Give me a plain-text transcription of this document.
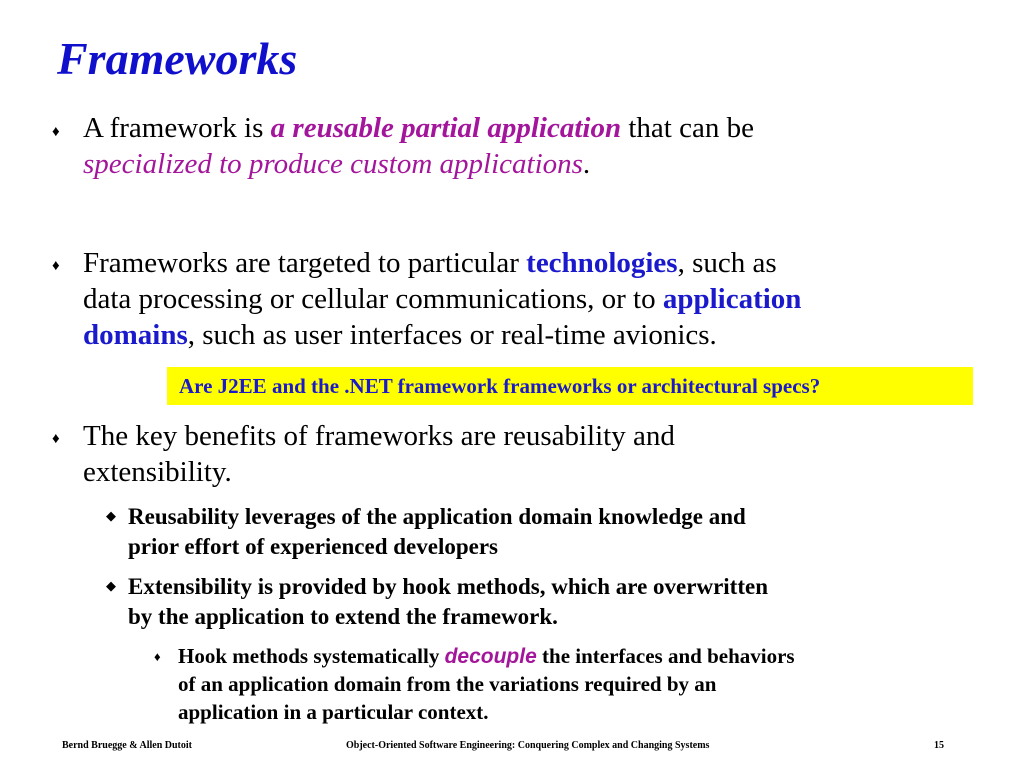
Frameworks
♦ A framework is a reusable partial application that can be
specialized to produce custom applications.
♦ Frameworks are targeted to particular technologies, such as
data processing or cellular communications, or to application
domains, such as user interfaces or real-time avionics.
Are J2EE and the .NET framework frameworks or architectural specs?
♦ The key benefits of frameworks are reusability and
extensibility.
◆ Reusability leverages of the application domain knowledge and
prior effort of experienced developers
◆ Extensibility is provided by hook methods, which are overwritten
by the application to extend the framework.
♦ Hook methods systematically decouple the interfaces and behaviors
of an application domain from the variations required by an
application in a particular context.
Bernd Bruegge & Allen Dutoit	Object-Oriented Software Engineering: Conquering Complex and Changing Systems	15
